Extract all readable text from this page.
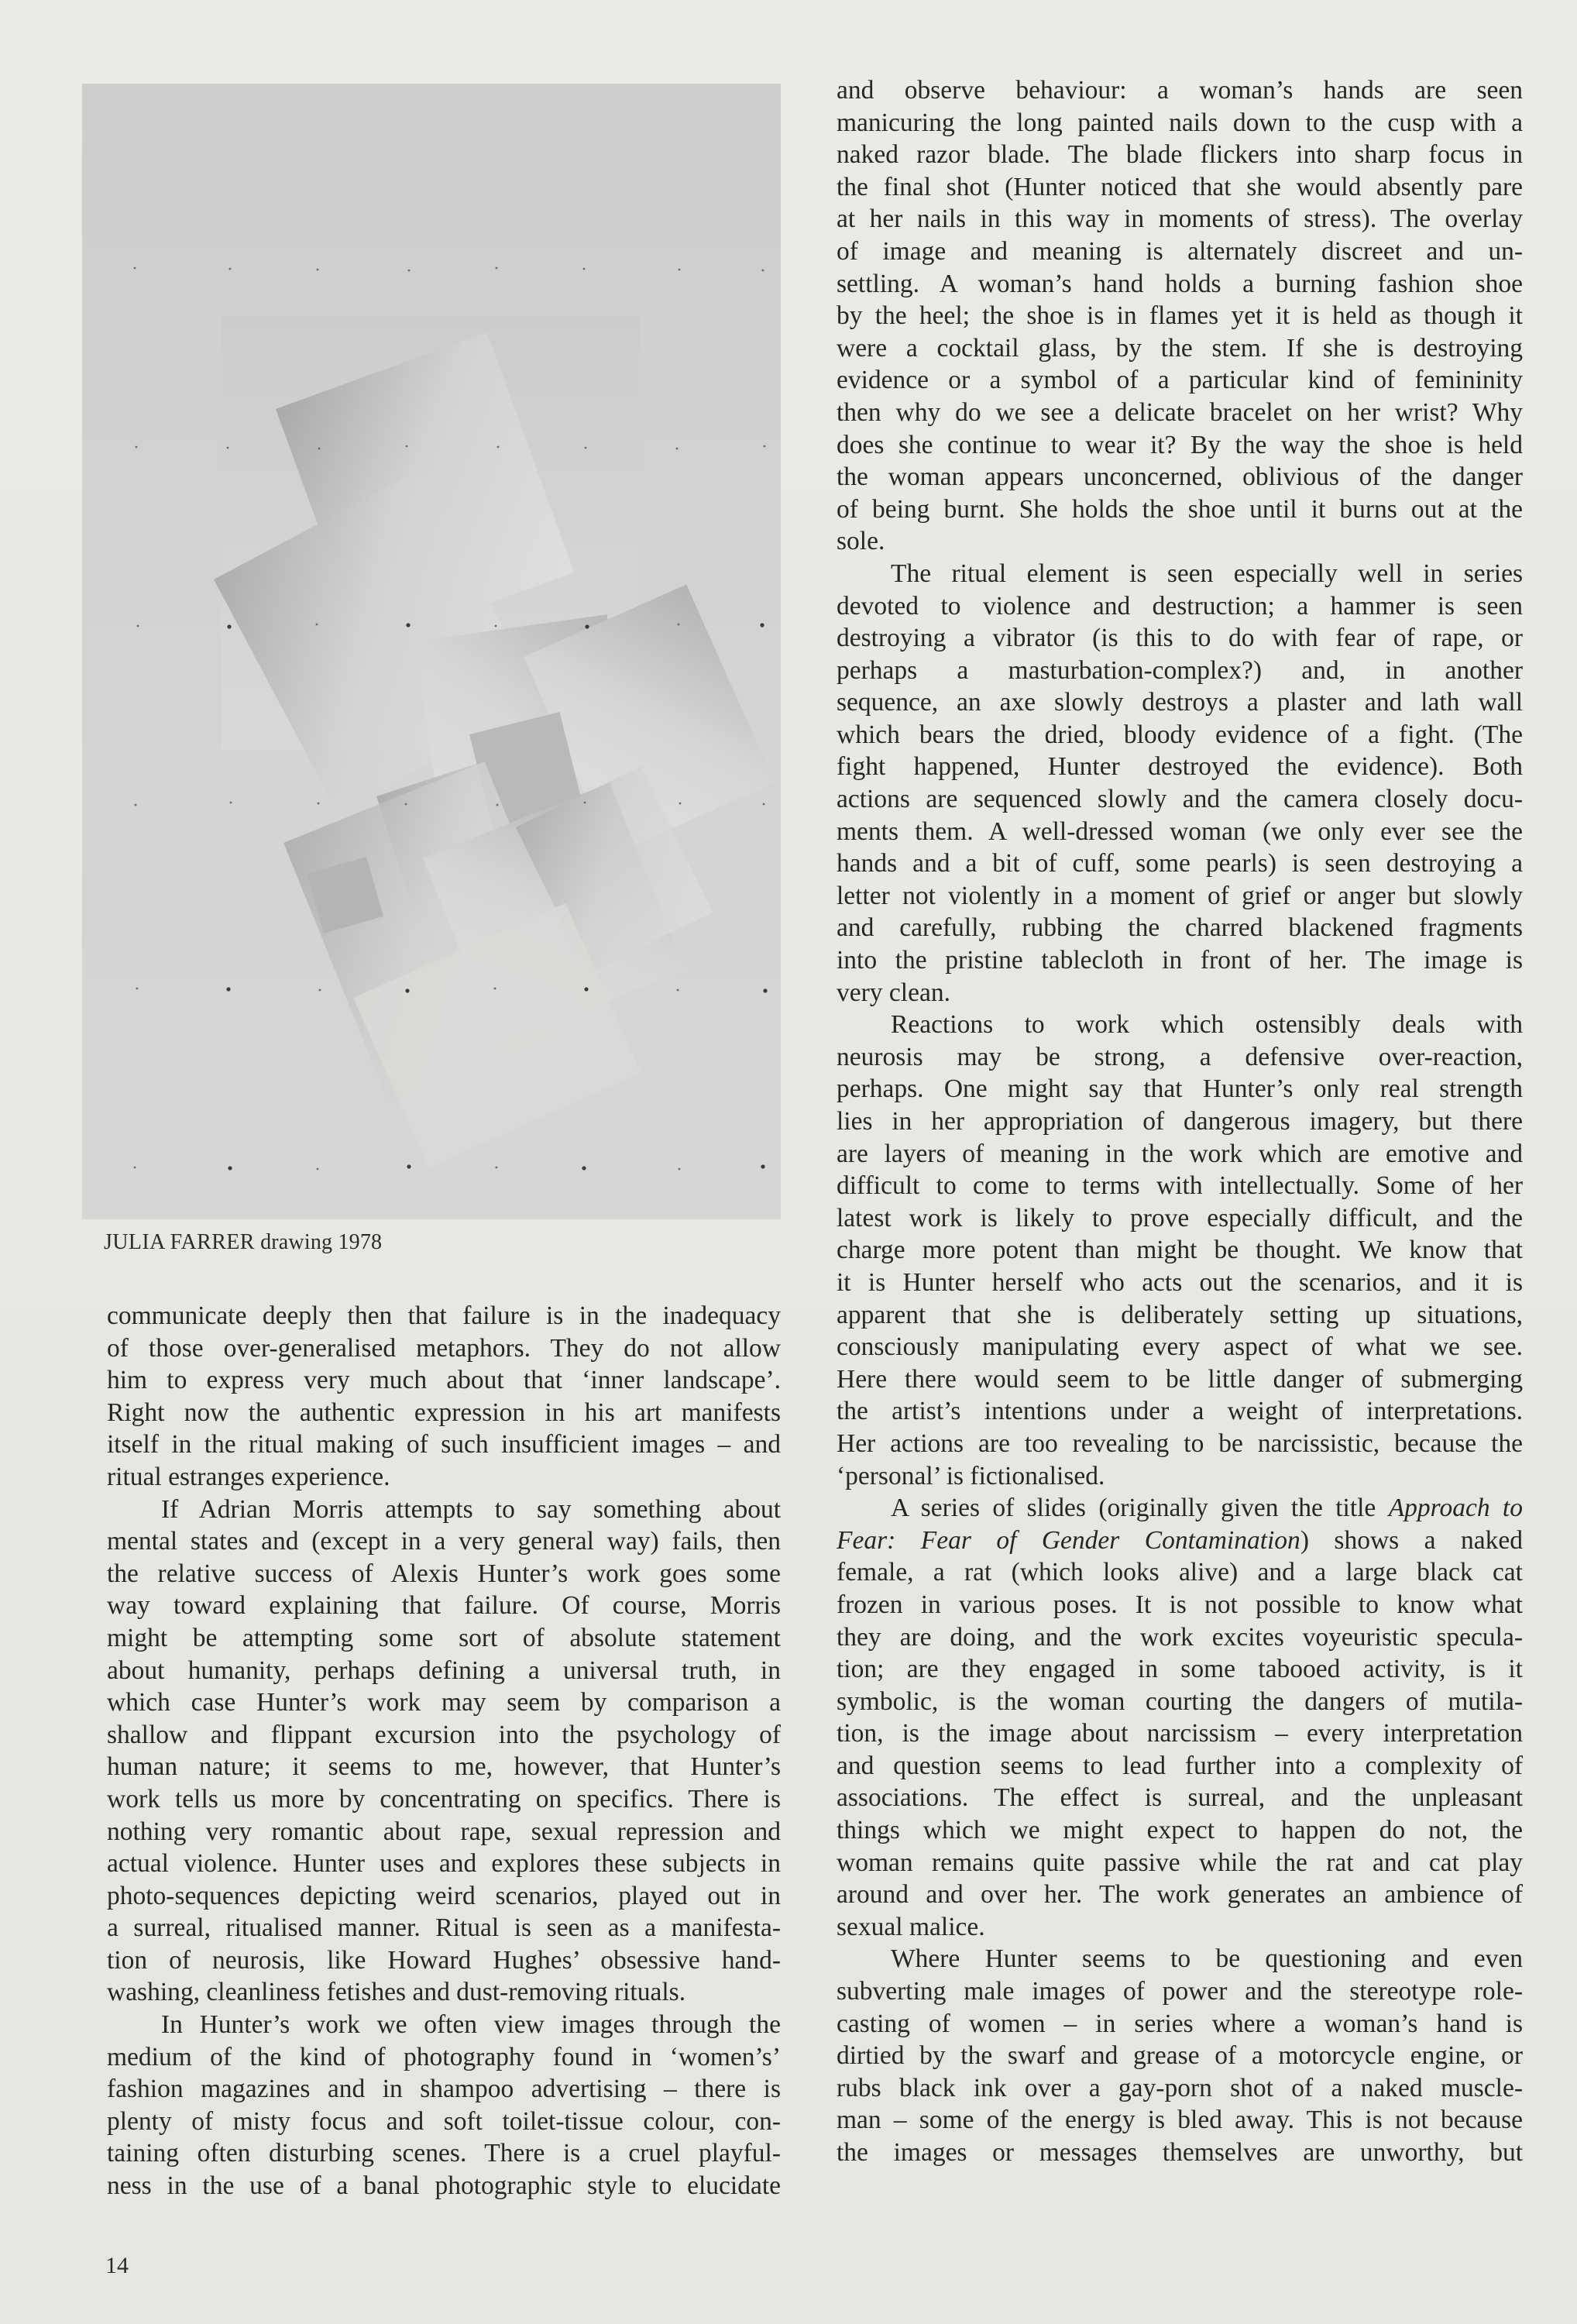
JULIA FARRER drawing 1978
communicate deeply then that failure is in the inadequacy
of those over-generalised metaphors. They do not allow
him to express very much about that ‘inner landscape’.
Right now the authentic expression in his art manifests
itself in the ritual making of such insufficient images – and
ritual estranges experience.
If Adrian Morris attempts to say something about
mental states and (except in a very general way) fails, then
the relative success of Alexis Hunter’s work goes some
way toward explaining that failure. Of course, Morris
might be attempting some sort of absolute statement
about humanity, perhaps defining a universal truth, in
which case Hunter’s work may seem by comparison a
shallow and flippant excursion into the psychology of
human nature; it seems to me, however, that Hunter’s
work tells us more by concentrating on specifics. There is
nothing very romantic about rape, sexual repression and
actual violence. Hunter uses and explores these subjects in
photo-sequences depicting weird scenarios, played out in
a surreal, ritualised manner. Ritual is seen as a manifesta-
tion of neurosis, like Howard Hughes’ obsessive hand-
washing, cleanliness fetishes and dust-removing rituals.
In Hunter’s work we often view images through the
medium of the kind of photography found in ‘women’s’
fashion magazines and in shampoo advertising – there is
plenty of misty focus and soft toilet-tissue colour, con-
taining often disturbing scenes. There is a cruel playful-
ness in the use of a banal photographic style to elucidate
and observe behaviour: a woman’s hands are seen
manicuring the long painted nails down to the cusp with a
naked razor blade. The blade flickers into sharp focus in
the final shot (Hunter noticed that she would absently pare
at her nails in this way in moments of stress). The overlay
of image and meaning is alternately discreet and un-
settling. A woman’s hand holds a burning fashion shoe
by the heel; the shoe is in flames yet it is held as though it
were a cocktail glass, by the stem. If she is destroying
evidence or a symbol of a particular kind of femininity
then why do we see a delicate bracelet on her wrist? Why
does she continue to wear it? By the way the shoe is held
the woman appears unconcerned, oblivious of the danger
of being burnt. She holds the shoe until it burns out at the
sole.
The ritual element is seen especially well in series
devoted to violence and destruction; a hammer is seen
destroying a vibrator (is this to do with fear of rape, or
perhaps a masturbation-complex?) and, in another
sequence, an axe slowly destroys a plaster and lath wall
which bears the dried, bloody evidence of a fight. (The
fight happened, Hunter destroyed the evidence). Both
actions are sequenced slowly and the camera closely docu-
ments them. A well-dressed woman (we only ever see the
hands and a bit of cuff, some pearls) is seen destroying a
letter not violently in a moment of grief or anger but slowly
and carefully, rubbing the charred blackened fragments
into the pristine tablecloth in front of her. The image is
very clean.
Reactions to work which ostensibly deals with
neurosis may be strong, a defensive over-reaction,
perhaps. One might say that Hunter’s only real strength
lies in her appropriation of dangerous imagery, but there
are layers of meaning in the work which are emotive and
difficult to come to terms with intellectually. Some of her
latest work is likely to prove especially difficult, and the
charge more potent than might be thought. We know that
it is Hunter herself who acts out the scenarios, and it is
apparent that she is deliberately setting up situations,
consciously manipulating every aspect of what we see.
Here there would seem to be little danger of submerging
the artist’s intentions under a weight of interpretations.
Her actions are too revealing to be narcissistic, because the
‘personal’ is fictionalised.
A series of slides (originally given the title Approach to
Fear: Fear of Gender Contamination) shows a naked
female, a rat (which looks alive) and a large black cat
frozen in various poses. It is not possible to know what
they are doing, and the work excites voyeuristic specula-
tion; are they engaged in some tabooed activity, is it
symbolic, is the woman courting the dangers of mutila-
tion, is the image about narcissism – every interpretation
and question seems to lead further into a complexity of
associations. The effect is surreal, and the unpleasant
things which we might expect to happen do not, the
woman remains quite passive while the rat and cat play
around and over her. The work generates an ambience of
sexual malice.
Where Hunter seems to be questioning and even
subverting male images of power and the stereotype role-
casting of women – in series where a woman’s hand is
dirtied by the swarf and grease of a motorcycle engine, or
rubs black ink over a gay-porn shot of a naked muscle-
man – some of the energy is bled away. This is not because
the images or messages themselves are unworthy, but
14
